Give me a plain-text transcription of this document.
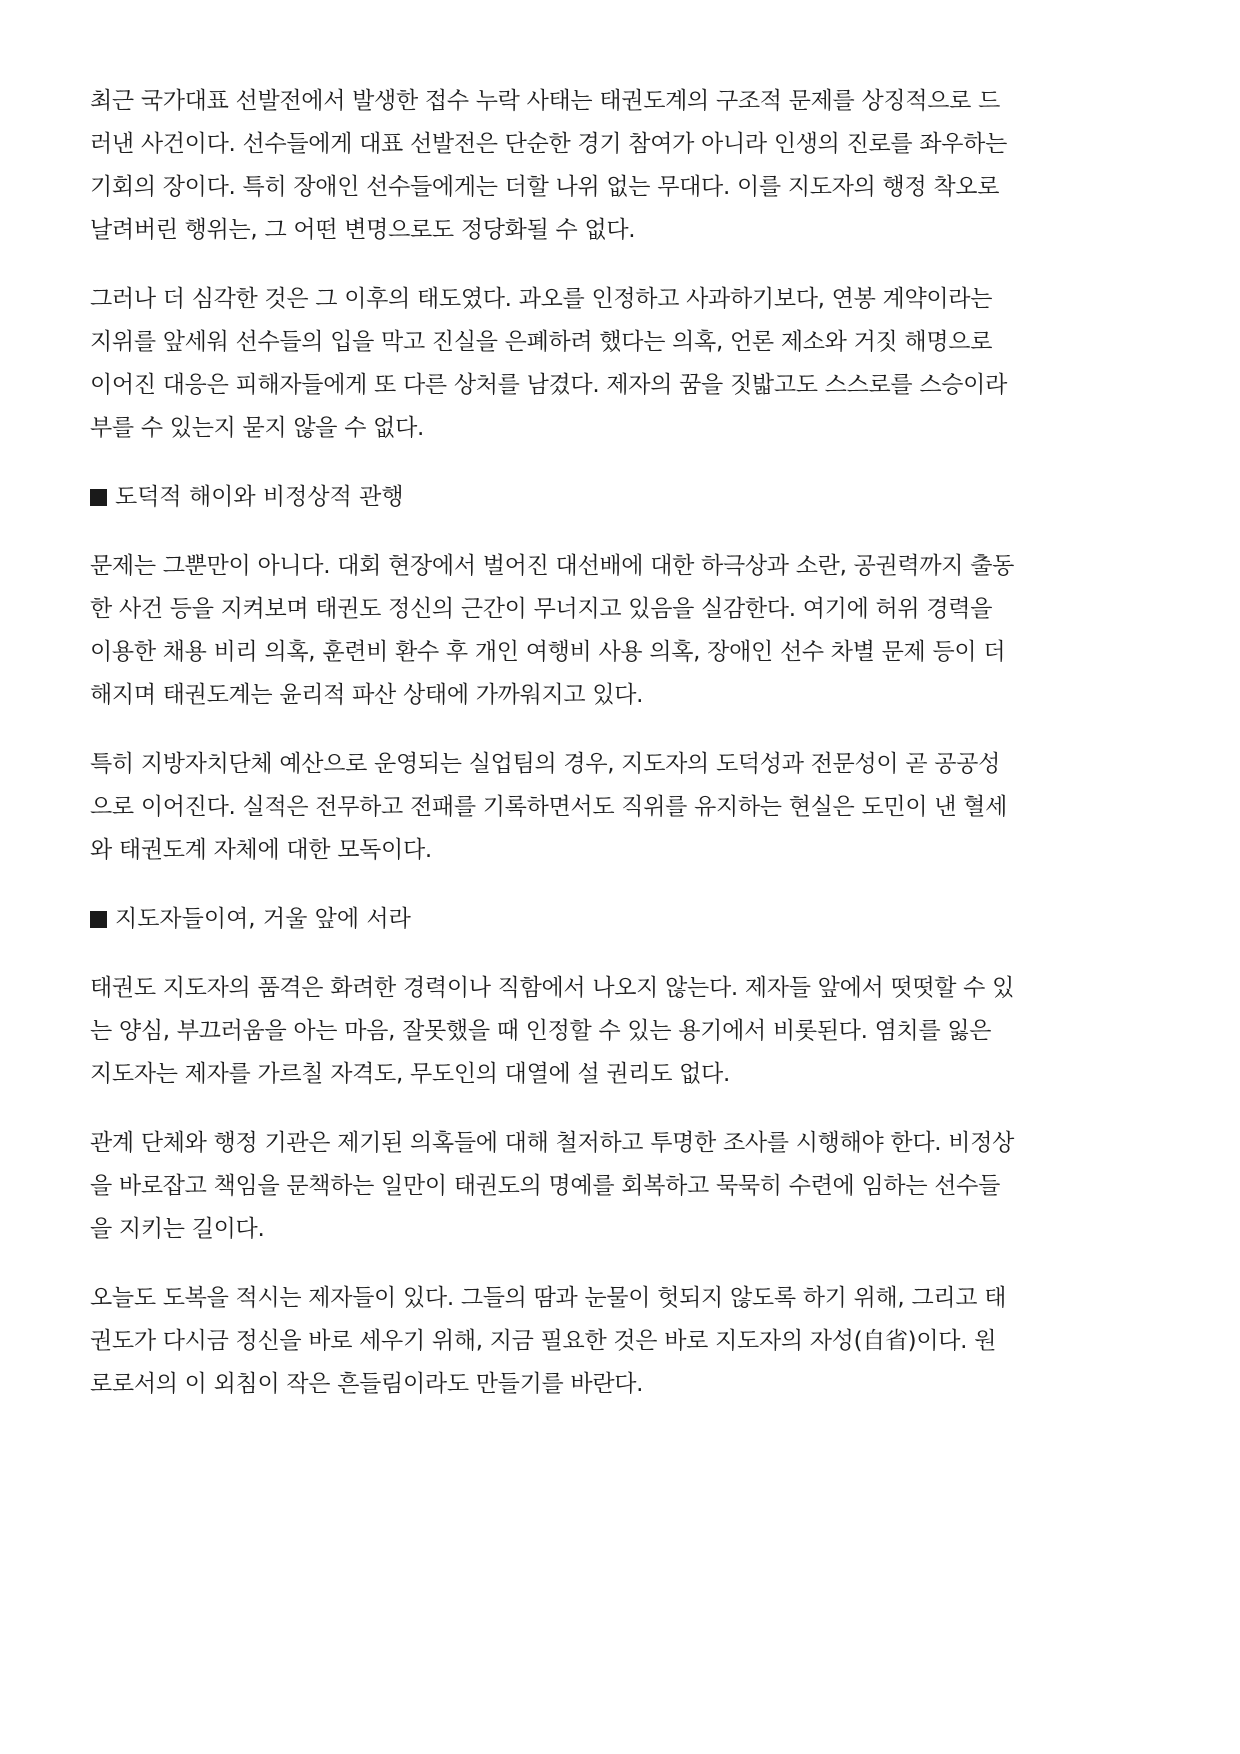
최근 국가대표 선발전에서 발생한 접수 누락 사태는 태권도계의 구조적 문제를 상징적으로 드
러낸 사건이다. 선수들에게 대표 선발전은 단순한 경기 참여가 아니라 인생의 진로를 좌우하는
기회의 장이다. 특히 장애인 선수들에게는 더할 나위 없는 무대다. 이를 지도자의 행정 착오로
날려버린 행위는, 그 어떤 변명으로도 정당화될 수 없다.
그러나 더 심각한 것은 그 이후의 태도였다. 과오를 인정하고 사과하기보다, 연봉 계약이라는
지위를 앞세워 선수들의 입을 막고 진실을 은폐하려 했다는 의혹, 언론 제소와 거짓 해명으로
이어진 대응은 피해자들에게 또 다른 상처를 남겼다. 제자의 꿈을 짓밟고도 스스로를 스승이라
부를 수 있는지 묻지 않을 수 없다.
도덕적 해이와 비정상적 관행
문제는 그뿐만이 아니다. 대회 현장에서 벌어진 대선배에 대한 하극상과 소란, 공권력까지 출동
한 사건 등을 지켜보며 태권도 정신의 근간이 무너지고 있음을 실감한다. 여기에 허위 경력을
이용한 채용 비리 의혹, 훈련비 환수 후 개인 여행비 사용 의혹, 장애인 선수 차별 문제 등이 더
해지며 태권도계는 윤리적 파산 상태에 가까워지고 있다.
특히 지방자치단체 예산으로 운영되는 실업팀의 경우, 지도자의 도덕성과 전문성이 곧 공공성
으로 이어진다. 실적은 전무하고 전패를 기록하면서도 직위를 유지하는 현실은 도민이 낸 혈세
와 태권도계 자체에 대한 모독이다.
지도자들이여, 거울 앞에 서라
태권도 지도자의 품격은 화려한 경력이나 직함에서 나오지 않는다. 제자들 앞에서 떳떳할 수 있
는 양심, 부끄러움을 아는 마음, 잘못했을 때 인정할 수 있는 용기에서 비롯된다. 염치를 잃은
지도자는 제자를 가르칠 자격도, 무도인의 대열에 설 권리도 없다.
관계 단체와 행정 기관은 제기된 의혹들에 대해 철저하고 투명한 조사를 시행해야 한다. 비정상
을 바로잡고 책임을 문책하는 일만이 태권도의 명예를 회복하고 묵묵히 수련에 임하는 선수들
을 지키는 길이다.
오늘도 도복을 적시는 제자들이 있다. 그들의 땀과 눈물이 헛되지 않도록 하기 위해, 그리고 태
권도가 다시금 정신을 바로 세우기 위해, 지금 필요한 것은 바로 지도자의 자성(自省)이다. 원
로로서의 이 외침이 작은 흔들림이라도 만들기를 바란다.
